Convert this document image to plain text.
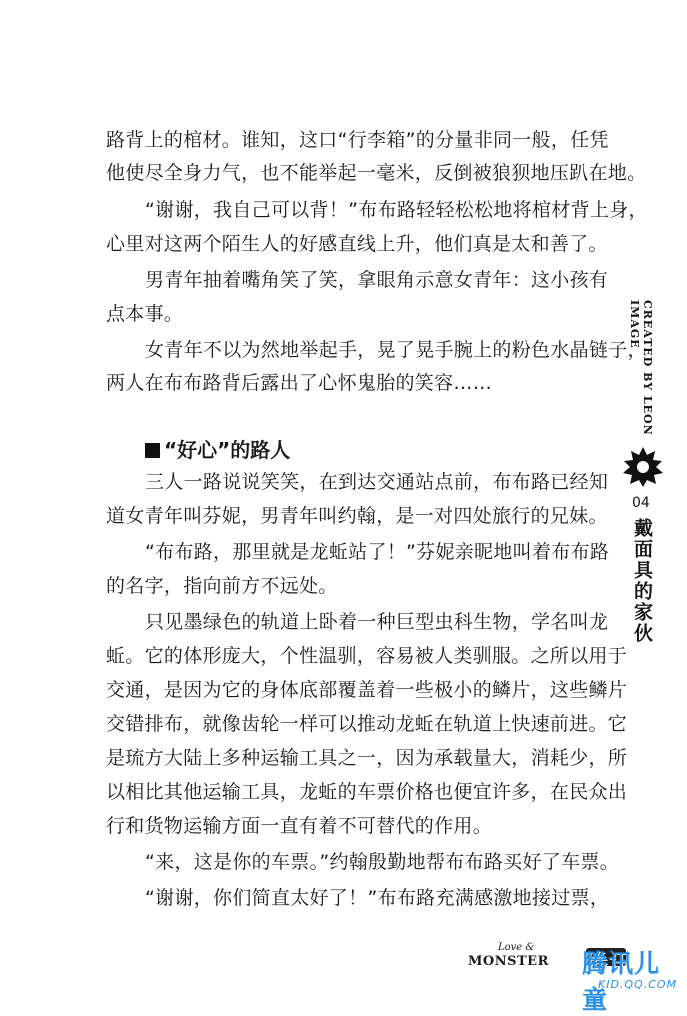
路背上的棺材。谁知，这口“行李箱”的分量非同一般，任凭
他使尽全身力气，也不能举起一毫米，反倒被狼狈地压趴在地。
“谢谢，我自己可以背！”布布路轻轻松松地将棺材背上身，
心里对这两个陌生人的好感直线上升，他们真是太和善了。
男青年抽着嘴角笑了笑，拿眼角示意女青年：这小孩有
点本事。
女青年不以为然地举起手，晃了晃手腕上的粉色水晶链子，
两人在布布路背后露出了心怀鬼胎的笑容……
“好心”的路人
三人一路说说笑笑，在到达交通站点前，布布路已经知
道女青年叫芬妮，男青年叫约翰，是一对四处旅行的兄妹。
“布布路，那里就是龙蚯站了！”芬妮亲昵地叫着布布路
的名字，指向前方不远处。
只见墨绿色的轨道上卧着一种巨型虫科生物，学名叫龙
蚯。它的体形庞大，个性温驯，容易被人类驯服。之所以用于
交通，是因为它的身体底部覆盖着一些极小的鳞片，这些鳞片
交错排布，就像齿轮一样可以推动龙蚯在轨道上快速前进。它
是琉方大陆上多种运输工具之一，因为承载量大，消耗少，所
以相比其他运输工具，龙蚯的车票价格也便宜许多，在民众出
行和货物运输方面一直有着不可替代的作用。
“来，这是你的车票。”约翰殷勤地帮布布路买好了车票。
“谢谢，你们简直太好了！”布布路充满感激地接过票，
CREATED BY LEON IMAGE
04
戴面具的家伙
Love &
MONSTER 腾讯儿童
KID.QQ.COM
